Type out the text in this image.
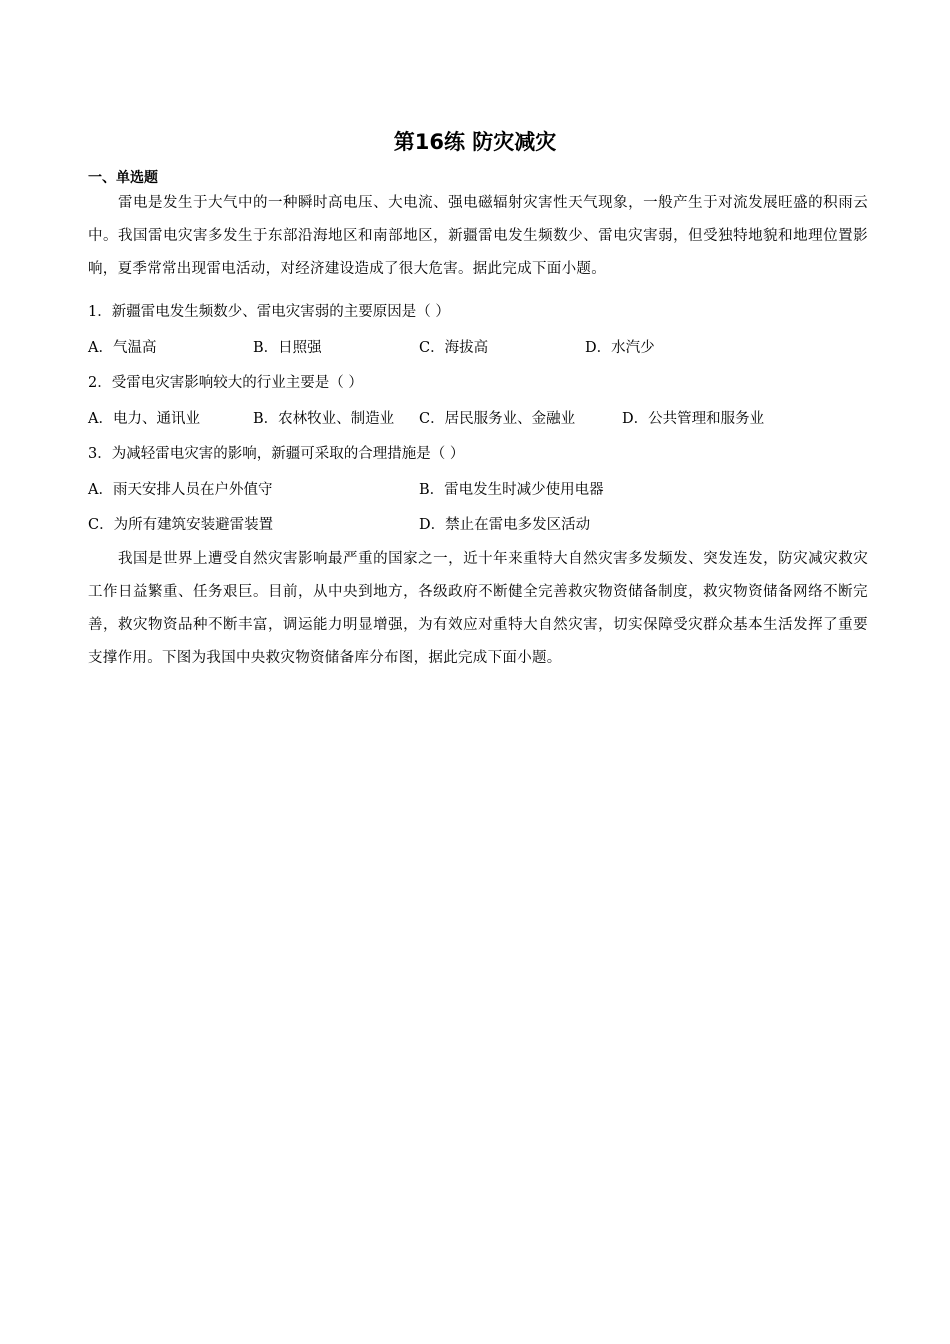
第16练 防灾减灾
一、单选题

雷电是发生于大气中的一种瞬时高电压、大电流、强电磁辐射灾害性天气现象，一般产生于对流发展旺盛的积雨云中。我国雷电灾害多发生于东部沿海地区和南部地区，新疆雷电发生频数少、雷电灾害弱，但受独特地貌和地理位置影响，夏季常常出现雷电活动，对经济建设造成了很大危害。据此完成下面小题。

1．新疆雷电发生频数少、雷电灾害弱的主要原因是（ ）
A．气温高	B．日照强	C．海拔高	D．水汽少
2．受雷电灾害影响较大的行业主要是（ ）
A．电力、通讯业	B．农林牧业、制造业 C．居民服务业、金融业	D．公共管理和服务业
3．为减轻雷电灾害的影响，新疆可采取的合理措施是（ ）
A．雨天安排人员在户外值守	B．雷电发生时减少使用电器
C．为所有建筑安装避雷装置	D．禁止在雷电多发区活动

我国是世界上遭受自然灾害影响最严重的国家之一，近十年来重特大自然灾害多发频发、突发连发，防灾减灾救灾工作日益繁重、任务艰巨。目前，从中央到地方，各级政府不断健全完善救灾物资储备制度，救灾物资储备网络不断完善，救灾物资品种不断丰富，调运能力明显增强，为有效应对重特大自然灾害，切实保障受灾群众基本生活发挥了重要支撑作用。下图为我国中央救灾物资储备库分布图，据此完成下面小题。
